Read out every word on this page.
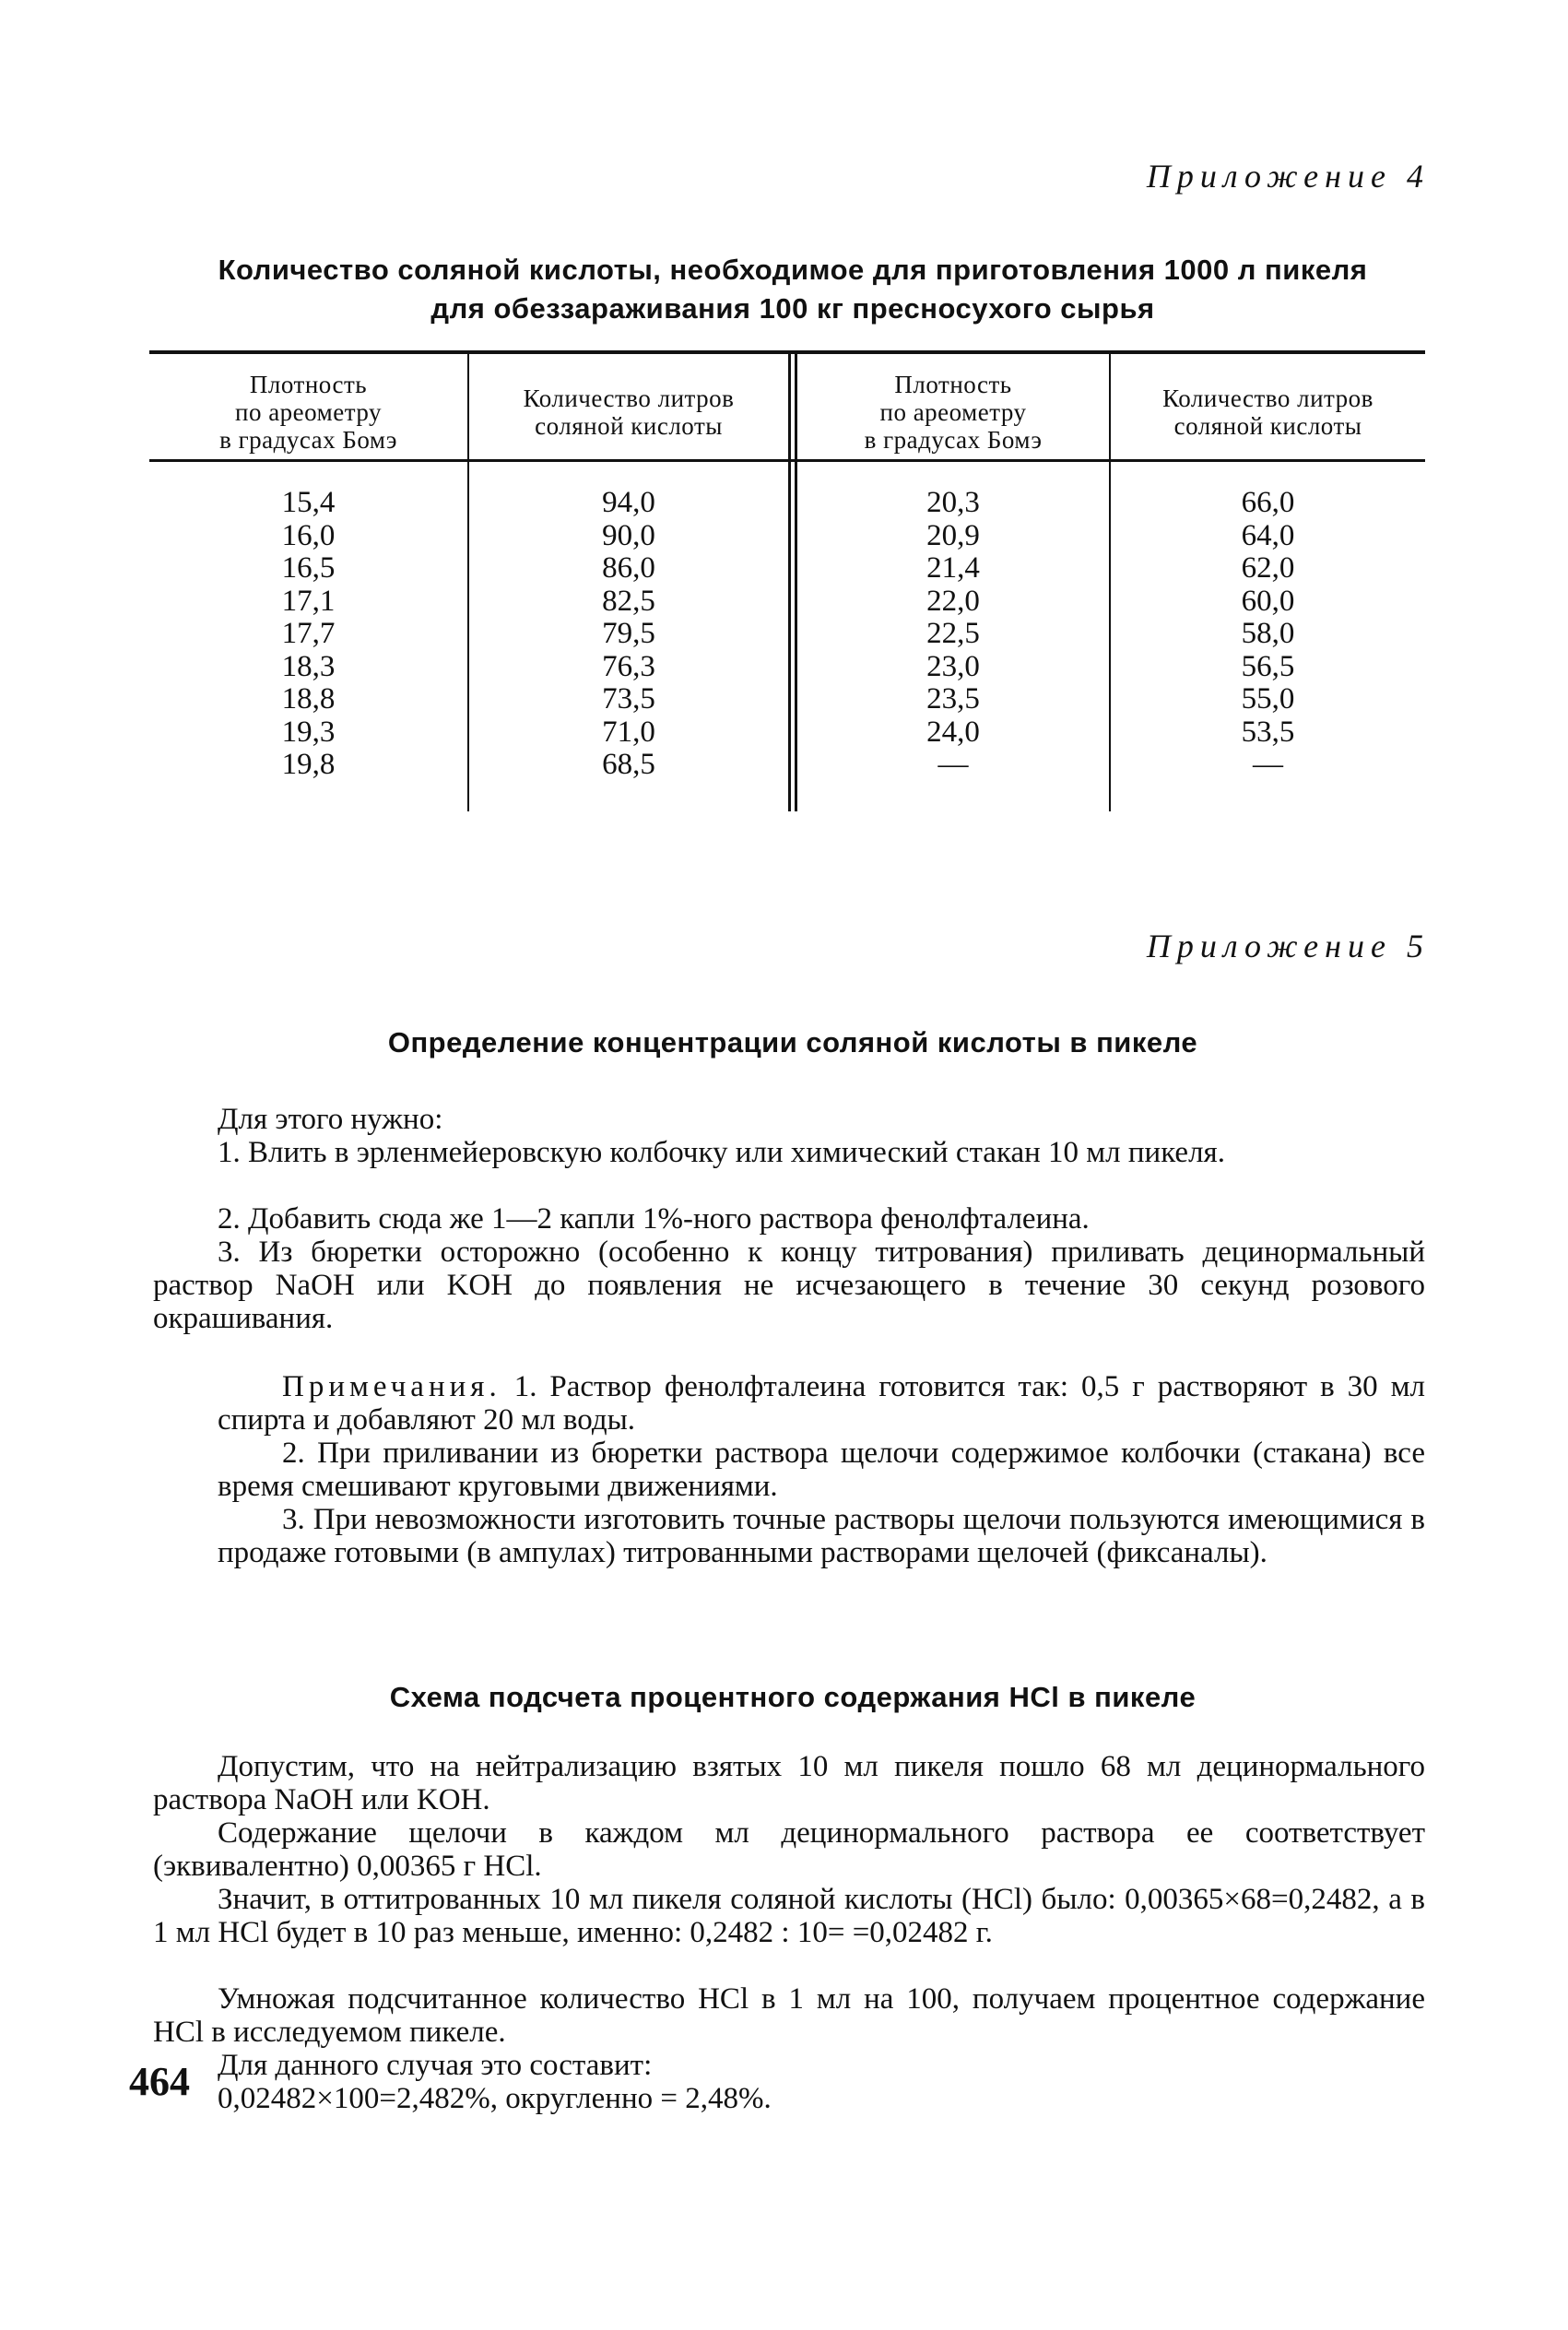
Приложение 4
Количество соляной кислоты, необходимое для приготовления 1000 л пикеля
для обеззараживания 100 кг пресносухого сырья
Плотность
по ареометру
в градусах Бомэ
Количество литров
соляной кислоты
Плотность
по ареометру
в градусах Бомэ
Количество литров
соляной кислоты
15,4
16,0
16,5
17,1
17,7
18,3
18,8
19,3
19,8
94,0
90,0
86,0
82,5
79,5
76,3
73,5
71,0
68,5
20,3
20,9
21,4
22,0
22,5
23,0
23,5
24,0
—
66,0
64,0
62,0
60,0
58,0
56,5
55,0
53,5
—
Приложение 5
Определение концентрации соляной кислоты в пикеле
Для этого нужно:
1. Влить в эрленмейеровскую колбочку или химический стакан 10 мл пикеля.
2. Добавить сюда же 1—2 капли 1%-ного раствора фенолфталеина.
3. Из бюретки осторожно (особенно к концу титрования) приливать децинормальный раствор NaOH или KOH до появления не исчезающего в течение 30 секунд розового окрашивания.
Примечания. 1. Раствор фенолфталеина готовится так: 0,5 г растворяют в 30 мл спирта и добавляют 20 мл воды.
2. При приливании из бюретки раствора щелочи содержимое колбочки (стакана) все время смешивают круговыми движениями.
3. При невозможности изготовить точные растворы щелочи пользуются имеющимися в продаже готовыми (в ампулах) титрованными растворами щелочей (фиксаналы).
Схема подсчета процентного содержания HCl в пикеле
Допустим, что на нейтрализацию взятых 10 мл пикеля пошло 68 мл децинормального раствора NaOH или KOH.
Содержание щелочи в каждом мл децинормального раствора ее соответствует (эквивалентно) 0,00365 г HCl.
Значит, в оттитрованных 10 мл пикеля соляной кислоты (HCl) было: 0,00365×68=0,2482, а в 1 мл HCl будет в 10 раз меньше, именно: 0,2482 : 10= =0,02482 г.
Умножая подсчитанное количество HCl в 1 мл на 100, получаем процентное содержание HCl в исследуемом пикеле.
Для данного случая это составит:
0,02482×100=2,482%, округленно = 2,48%.
464
